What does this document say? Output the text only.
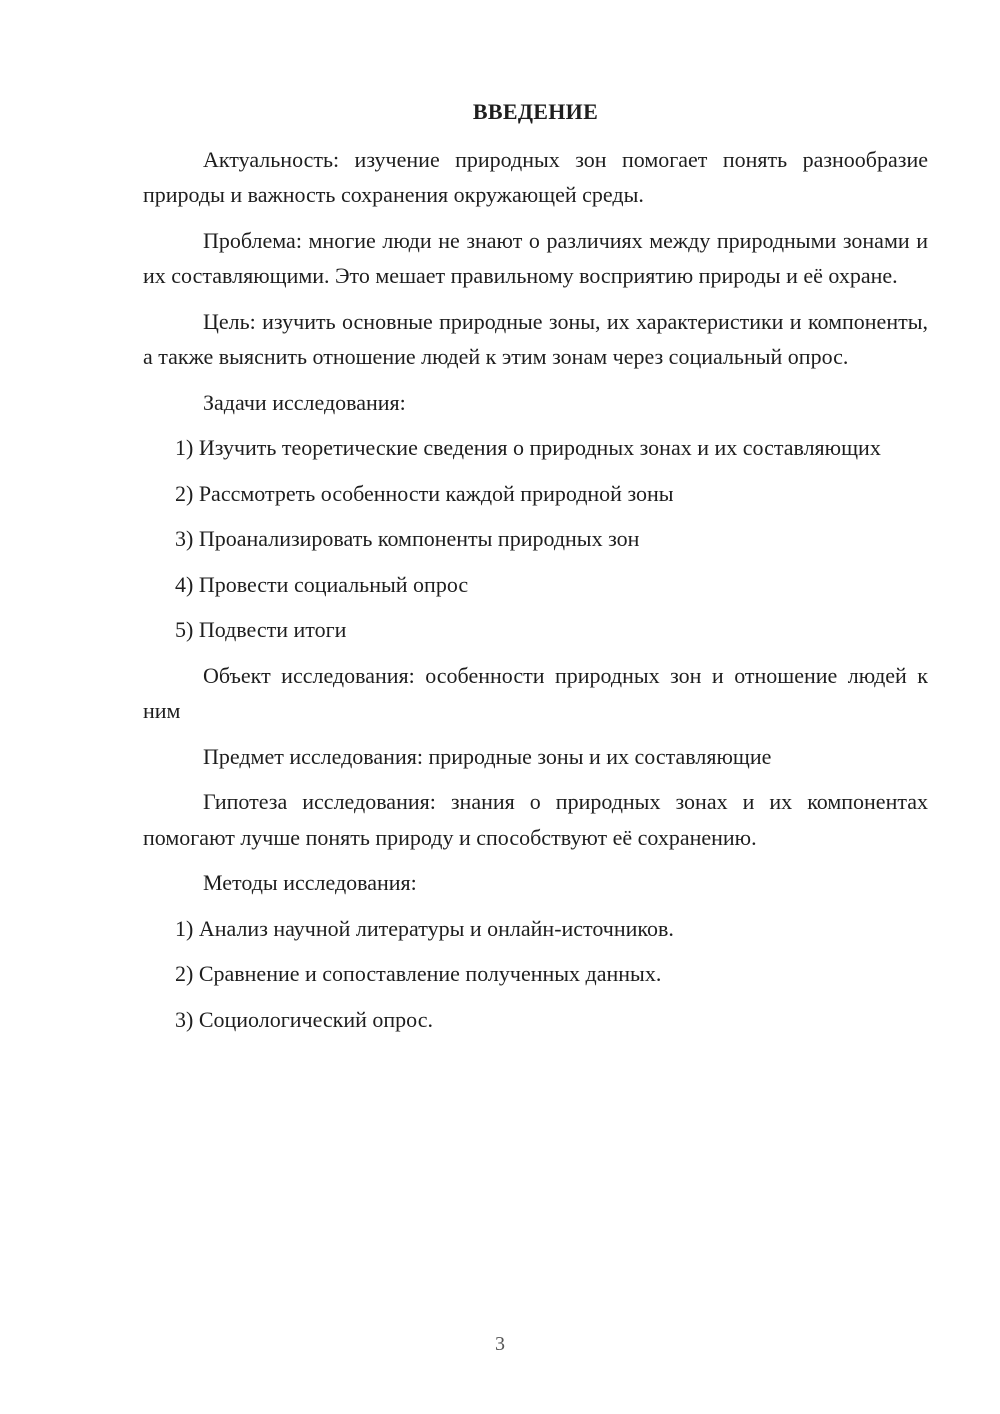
ВВЕДЕНИЕ

Актуальность: изучение природных зон помогает понять разнообразие природы и важность сохранения окружающей среды.

Проблема: многие люди не знают о различиях между природными зонами и их составляющими. Это мешает правильному восприятию природы и её охране.

Цель: изучить основные природные зоны, их характеристики и компоненты, а также выяснить отношение людей к этим зонам через социальный опрос.

Задачи исследования:

1) Изучить теоретические сведения о природных зонах и их составляющих

2) Рассмотреть особенности каждой природной зоны

3) Проанализировать компоненты природных зон

4) Провести социальный опрос

5) Подвести итоги

Объект исследования: особенности природных зон и отношение людей к ним

Предмет исследования: природные зоны и их составляющие

Гипотеза исследования: знания о природных зонах и их компонентах помогают лучше понять природу и способствуют её сохранению.

Методы исследования:

1) Анализ научной литературы и онлайн-источников.

2) Сравнение и сопоставление полученных данных.

3) Социологический опрос.

3
